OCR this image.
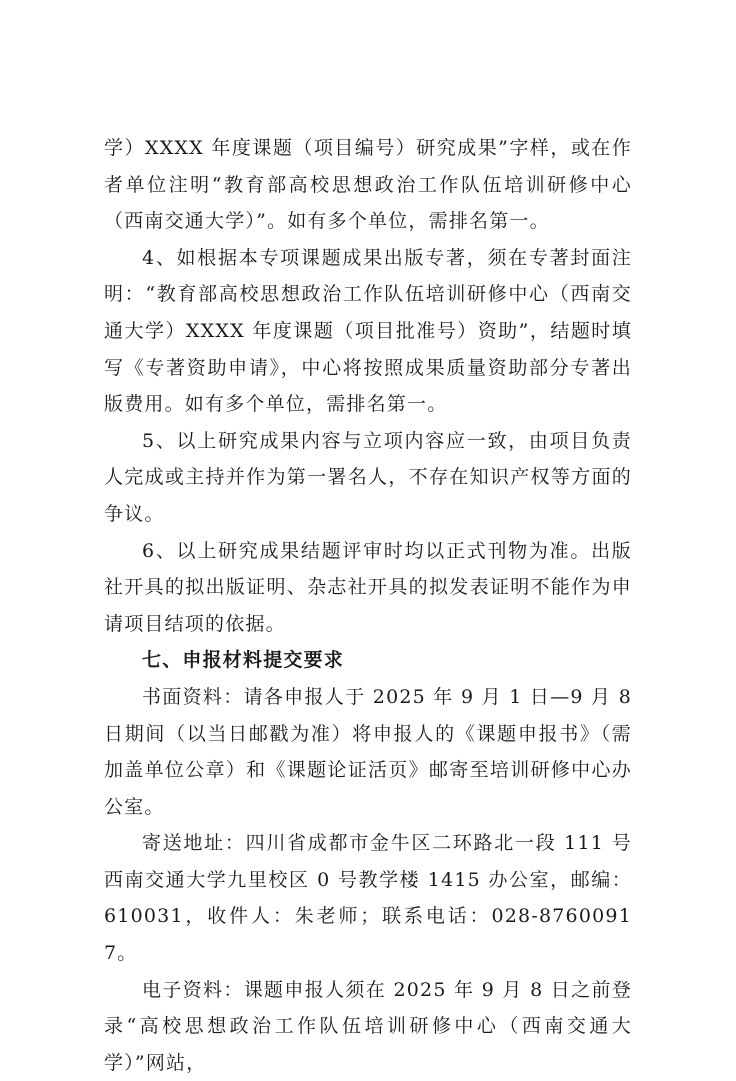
学）XXXX 年度课题（项目编号）研究成果”字样，或在作者单位注明“教育部高校思想政治工作队伍培训研修中心（西南交通大学）”。如有多个单位，需排名第一。

4、如根据本专项课题成果出版专著，须在专著封面注明：“教育部高校思想政治工作队伍培训研修中心（西南交通大学）XXXX 年度课题（项目批准号）资助”，结题时填写《专著资助申请》，中心将按照成果质量资助部分专著出版费用。如有多个单位，需排名第一。

5、以上研究成果内容与立项内容应一致，由项目负责人完成或主持并作为第一署名人，不存在知识产权等方面的争议。

6、以上研究成果结题评审时均以正式刊物为准。出版社开具的拟出版证明、杂志社开具的拟发表证明不能作为申请项目结项的依据。

七、申报材料提交要求

书面资料：请各申报人于 2025 年 9 月 1 日—9 月 8 日期间（以当日邮戳为准）将申报人的《课题申报书》（需加盖单位公章）和《课题论证活页》邮寄至培训研修中心办公室。

寄送地址：四川省成都市金牛区二环路北一段 111 号西南交通大学九里校区 0 号教学楼 1415 办公室，邮编：610031，收件人：朱老师；联系电话：028-87600917。

电子资料：课题申报人须在 2025 年 9 月 8 日之前登录“高校思想政治工作队伍培训研修中心（西南交通大学）”网站，
